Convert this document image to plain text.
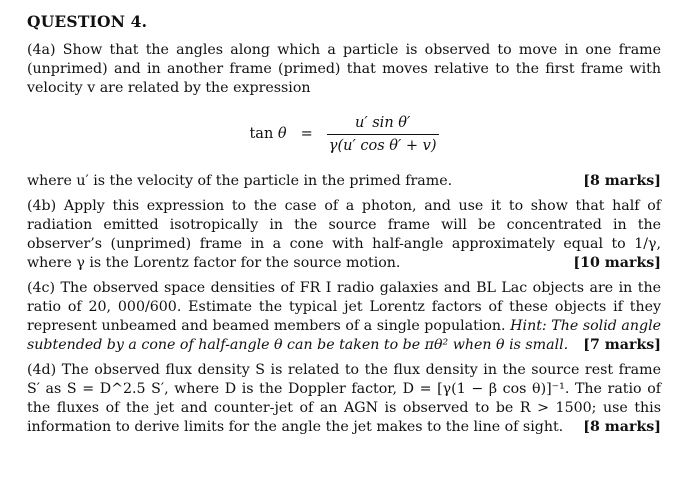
QUESTION 4.

(4a) Show that the angles along which a particle is observed to move in one frame (unprimed) and in another frame (primed) that moves relative to the first frame with velocity v are related by the expression

$\tan \theta = \frac{\text{u′ sin θ′}}{\text{γ(u′ cos θ′ + v)}}$

where u′ is the velocity of the particle in the primed frame.	[8 marks]

(4b) Apply this expression to the case of a photon, and use it to show that half of radiation emitted isotropically in the source frame will be concentrated in the observer’s (unprimed) frame in a cone with half-angle approximately equal to 1/γ, where γ is the Lorentz factor for the source motion.	[10 marks]

(4c) The observed space densities of FR I radio galaxies and BL Lac objects are in the ratio of 20, 000/600. Estimate the typical jet Lorentz factors of these objects if they represent unbeamed and beamed members of a single population. Hint: The solid angle subtended by a cone of half-angle θ can be taken to be πθ² when θ is small. [7 marks]

(4d) The observed flux density S is related to the flux density in the source rest frame S′ as S = D^2.5 S′, where D is the Doppler factor, D = [γ(1 − β cos θ)]⁻¹. The ratio of the fluxes of the jet and counter-jet of an AGN is observed to be R > 1500; use this information to derive limits for the angle the jet makes to the line of sight. [8 marks]
